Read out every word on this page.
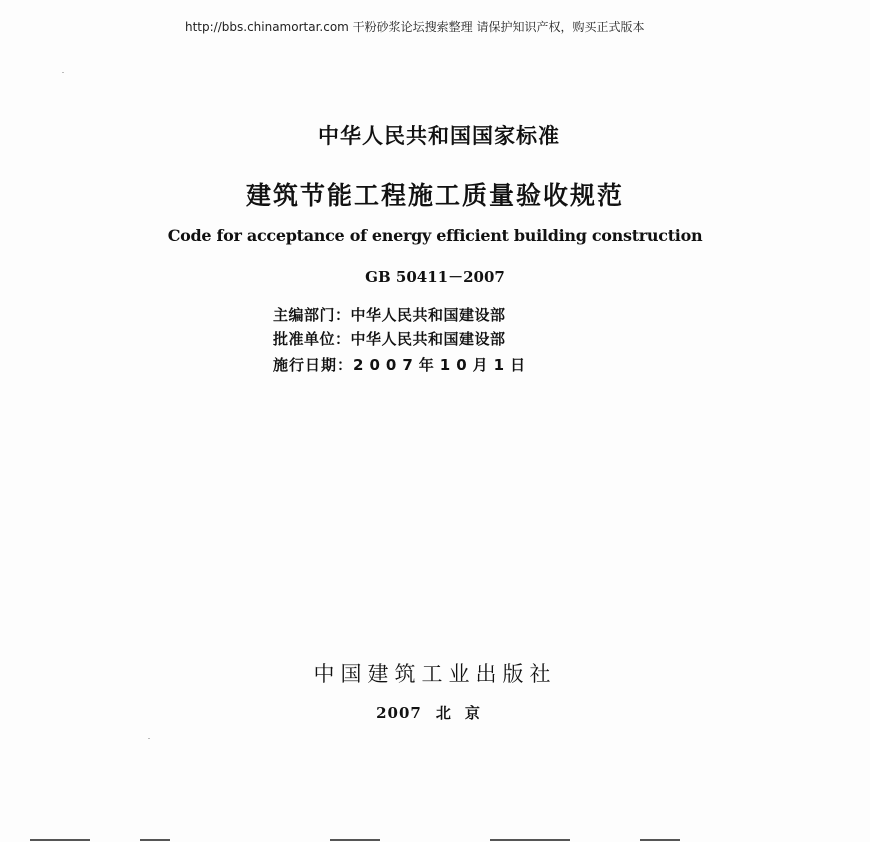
http://bbs.chinamortar.com 干粉砂浆论坛搜索整理 请保护知识产权，购买正式版本
中华人民共和国国家标准
建筑节能工程施工质量验收规范
Code for acceptance of energy efficient building construction
GB 50411－2007
主编部门：中华人民共和国建设部
批准单位：中华人民共和国建设部
施行日期：2007年10月1日
中国建筑工业出版社
2007 北京
